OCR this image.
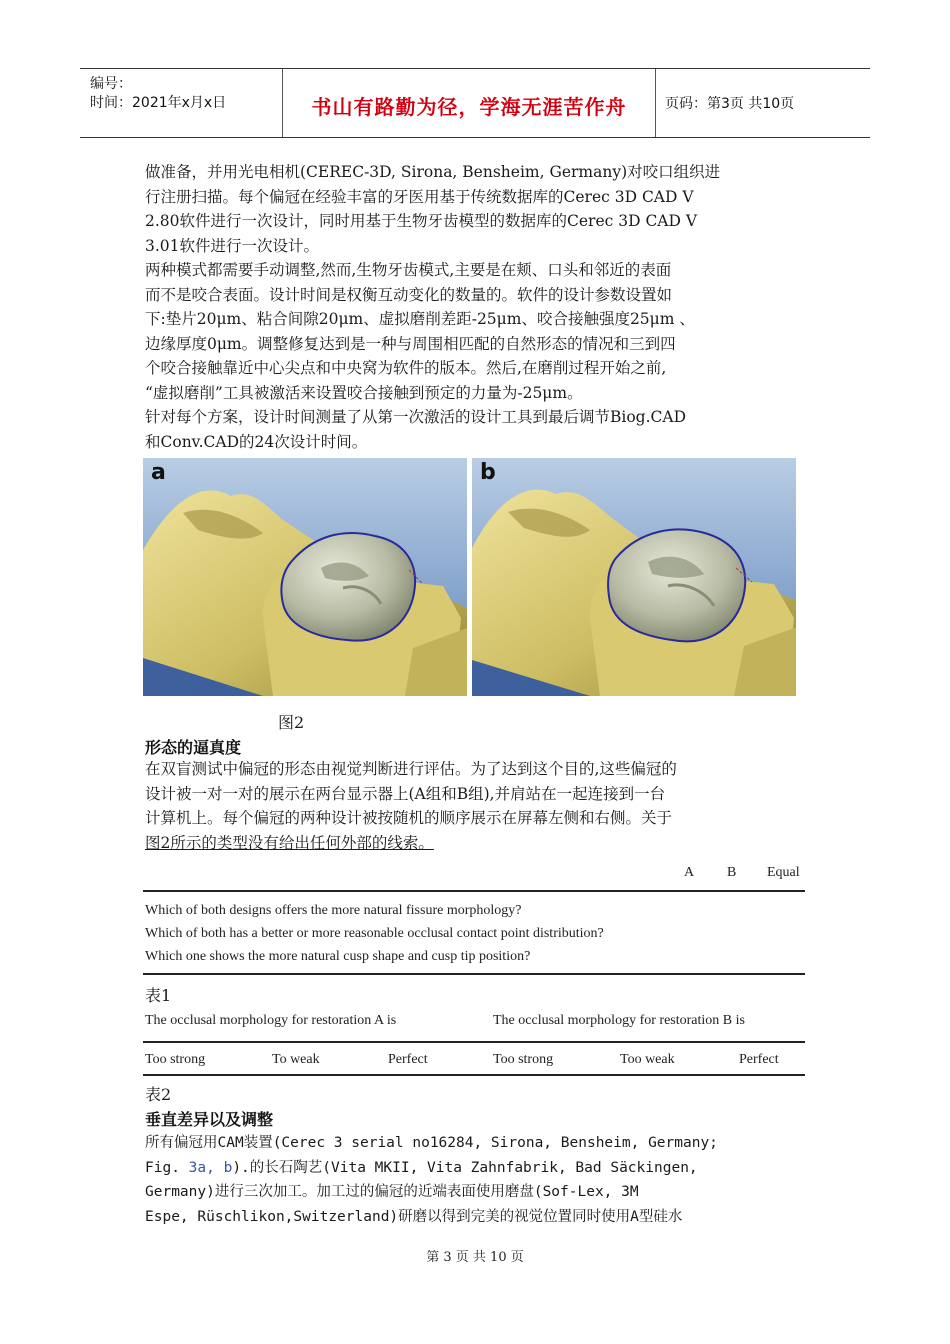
编号：
时间：2021年x月x日	书山有路勤为径，学海无涯苦作舟	页码：第3页 共10页
做准备，并用光电相机(CEREC-3D, Sirona, Bensheim, Germany)对咬口组织进
行注册扫描。每个偏冠在经验丰富的牙医用基于传统数据库的Cerec 3D CAD V
2.80软件进行一次设计，同时用基于生物牙齿模型的数据库的Cerec 3D CAD V
3.01软件进行一次设计。
两种模式都需要手动调整,然而,生物牙齿模式,主要是在颊、口头和邻近的表面
而不是咬合表面。设计时间是权衡互动变化的数量的。软件的设计参数设置如
下:垫片20μm、粘合间隙20μm、虚拟磨削差距-25μm、咬合接触强度25μm 、
边缘厚度0μm。调整修复达到是一种与周围相匹配的自然形态的情况和三到四
个咬合接触靠近中心尖点和中央窝为软件的版本。然后,在磨削过程开始之前,
“虚拟磨削”工具被激活来设置咬合接触到预定的力量为-25μm。
针对每个方案，设计时间测量了从第一次激活的设计工具到最后调节Biog.CAD
和Conv.CAD的24次设计时间。
a	b
图2
形态的逼真度
在双盲测试中偏冠的形态由视觉判断进行评估。为了达到这个目的,这些偏冠的
设计被一对一对的展示在两台显示器上(A组和B组),并肩站在一起连接到一台
计算机上。每个偏冠的两种设计被按随机的顺序展示在屏幕左侧和右侧。关于
图2所示的类型没有给出任何外部的线索。
A B Equal
Which of both designs offers the more natural fissure morphology?
Which of both has a better or more reasonable occlusal contact point distribution?
Which one shows the more natural cusp shape and cusp tip position?
表1
The occlusal morphology for restoration A is	The occlusal morphology for restoration B is
Too strong	To weak	Perfect	Too strong	Too weak	Perfect
表2
垂直差异以及调整
所有偏冠用CAM装置(Cerec 3 serial no16284, Sirona, Bensheim, Germany;
Fig. 3a, b).的长石陶艺(Vita MKII, Vita Zahnfabrik, Bad Säckingen,
Germany)进行三次加工。加工过的偏冠的近端表面使用磨盘(Sof-Lex, 3M
Espe, Rüschlikon,Switzerland)研磨以得到完美的视觉位置同时使用A型硅水
第 3 页 共 10 页
